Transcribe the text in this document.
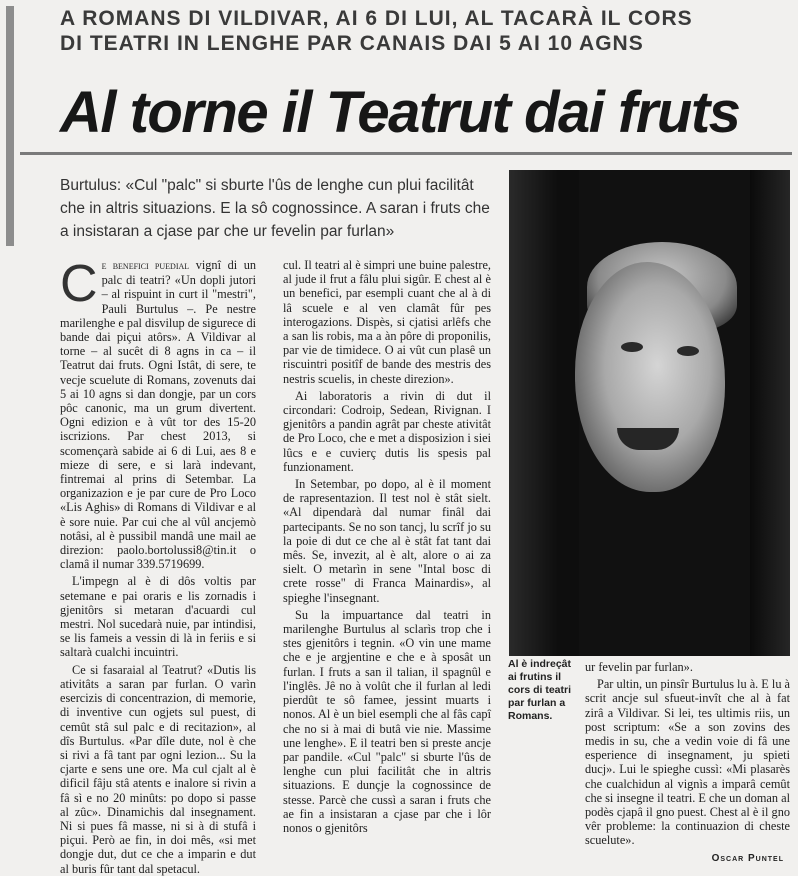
A ROMANS DI VILDIVAR, AI 6 DI LUI, AL TACARÀ IL CORS
DI TEATRI IN LENGHE PAR CANAIS DAI 5 AI 10 AGNS
Al torne il Teatrut dai fruts
Burtulus: «Cul "palc" si sburte l'ûs de lenghe cun plui facilitât che in altris situazions. E la sô cognossince. A saran i fruts che a insistaran a cjase par che ur fevelin par furlan»

Ce benefici puedial vignî di un palc di teatri? «Un dopli jutori – al rispuint in curt il "mestri", Pauli Burtulus –. Pe nestre marilenghe e pal disvilup de sigurece di bande dai piçui atôrs». A Vildivar al torne – al sucêt di 8 agns in ca – il Teatrut dai fruts. Ogni Istât, di sere, te vecje scuelute di Romans, zovenuts dai 5 ai 10 agns si dan dongje, par un cors pôc canonic, ma un grum divertent. Ogni edizion e à vût tor des 15-20 iscrizions. Par chest 2013, si scomençarà sabide ai 6 di Lui, aes 8 e mieze di sere, e si larà indevant, fintremai al prins di Setembar. La organizazion e je par cure de Pro Loco «Lis Aghis» di Romans di Vildivar e al è sore nuie. Par cui che al vûl ancjemò notâsi, al è pussibil mandâ une mail ae direzion: paolo.bortolussi8@tin.it o clamâ il numar 339.5719699.

L'impegn al è di dôs voltis par setemane e pai oraris e lis zornadis i gjenitôrs si metaran d'acuardi cul mestri. Nol sucedarà nuie, par intindisi, se lis fameis a vessin di là in feriis e si saltarà cualchi incuintri.

Ce si fasaraial al Teatrut? «Dutis lis ativitâts a saran par furlan. O varìn esercizis di concentrazion, di memorie, di inventive cun ogjets sul puest, di cemût stâ sul palc e di recitazion», al dîs Burtulus. «Par dîle dute, nol è che si rivi a fâ tant par ogni lezion... Su la cjarte e sens une ore. Ma cul cjalt al è dificil fâju stâ atents e inalore si rivin a fâ sì e no 20 minûts: po dopo si passe al zûc». Dinamichis dal insegnament. Ni si pues fâ masse, ni si à di stufâ i piçui. Però ae fin, in doi mês, «si met dongje dut, dut ce che a imparin e dut al buris fûr tant dal spetacul.

cul. Il teatri al è simpri une buine palestre, al jude il frut a fâlu plui sigûr. E chest al è un benefici, par esempli cuant che al à di lâ scuele e al ven clamât fûr pes interogazions. Dispès, si cjatisi arlêfs che a san lis robis, ma a àn pôre di proponilis, par vie de timidece. O ai vût cun plasê un riscuintri positîf de bande des mestris des nestris scuelis, in cheste direzion».

Ai laboratoris a rivin di dut il circondari: Codroip, Sedean, Rivignan. I gjenitôrs a pandin agrât par cheste ativitât de Pro Loco, che e met a disposizion i siei lûcs e e cuvierç dutis lis spesis pal funzionament.

In Setembar, po dopo, al è il moment de rapresentazion. Il test nol è stât sielt. «Al dipendarà dal numar finâl dai partecipants. Se no son tancj, lu scrîf jo su la poie di dut ce che al è stât fat tant dai mês. Se, invezit, al è alt, alore o ai za sielt. O metarìn in sene "Intal bosc di crete rosse" di Franca Mainardis», al spieghe l'insegnant.

Su la impuartance dal teatri in marilenghe Burtulus al sclarìs trop che i stes gjenitôrs i tegnin. «O vin une mame che e je argjentine e che e à sposât un furlan. I fruts a san il talian, il spagnûl e l'inglês. Jê no à volût che il furlan al ledi pierdût te sô famee, jessint muarts i nonos. Al è un biel esempli che al fâs capî che no si à mai di butâ vie nie. Massime une lenghe». E il teatri ben si preste ancje par pandile. «Cul "palc" si sburte l'ûs de lenghe cun plui facilitât che in altris situazions. E dunçje la cognossince de stesse. Parcè che cussì a saran i fruts che ae fin a insistaran a cjase par che i lôr nonos o gjenitôrs

Al è indreçât ai frutins il cors di teatri par furlan a Romans.

ur fevelin par furlan».

Par ultin, un pinsîr Burtulus lu à. E lu à scrit ancje sul sfueut-invît che al à fat zirâ a Vildivar. Si lei, tes ultimis riis, un post scriptum: «Se a son zovins des medis in su, che a vedin voie di fâ une esperience di insegnament, ju spieti ducj». Lui le spieghe cussì: «Mi plasarès che cualchidun al vignìs a imparâ cemût che si insegne il teatri. E che un doman al podès cjapâ il gno puest. Chest al è il gno vêr probleme: la continuazion di cheste scuelute».

Oscar Puntel
